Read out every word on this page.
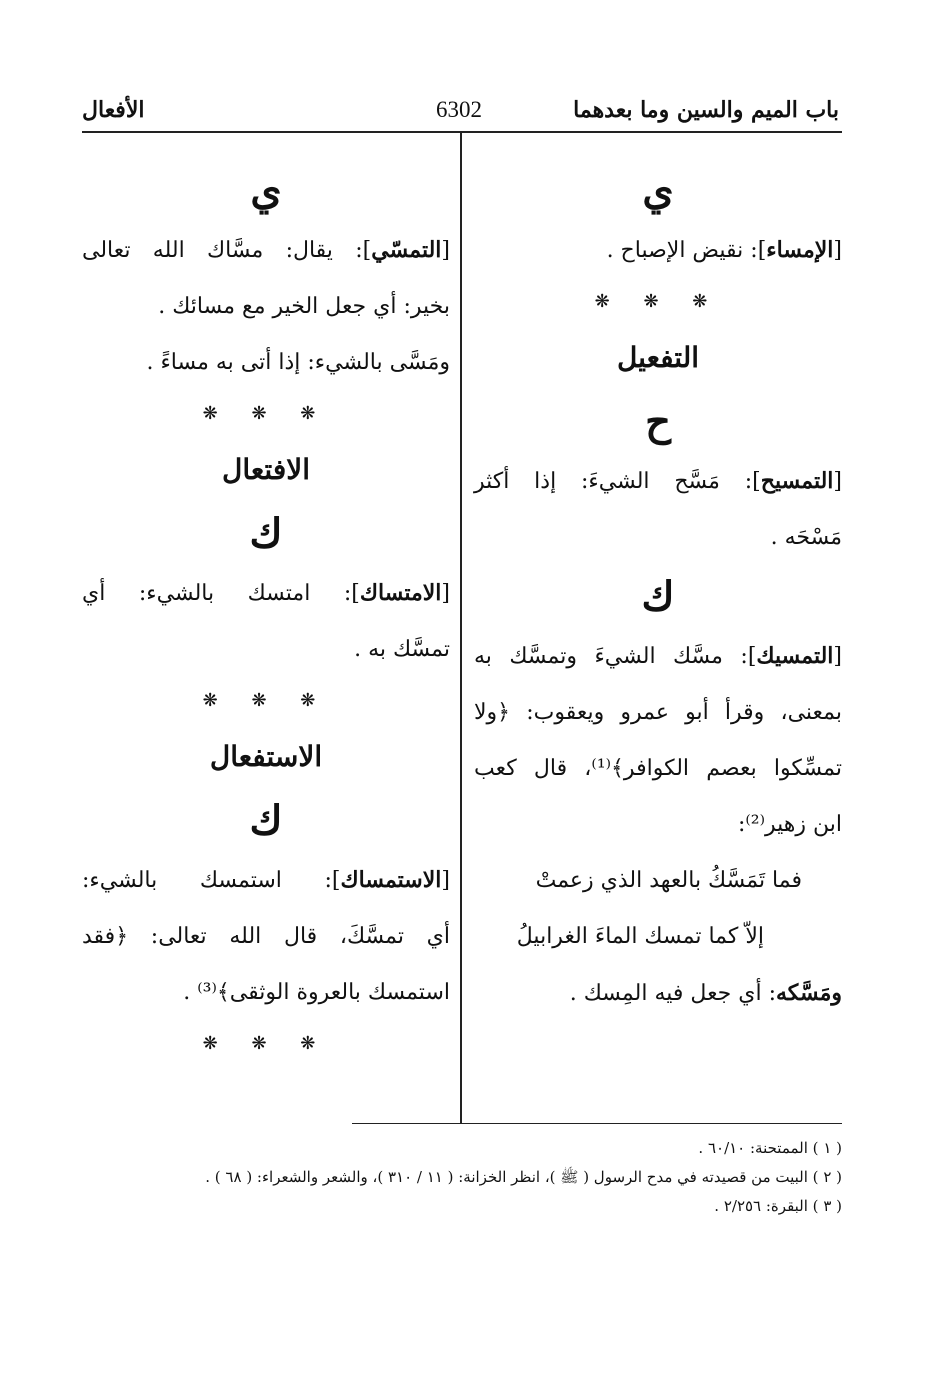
باب الميم والسين وما بعدهما
6302
الأفعال
ي
[الإمساء]: نقيض الإصباح .
❋ ❋ ❋
التفعيل
ح
[التمسيح]: مَسَّح الشيءَ: إذا أكثر
مَسْحَه .
ك
[التمسيك]: مسَّك الشيءَ وتمسَّك به
بمعنى، وقرأ أبو عمرو ويعقوب: ﴿ولا
تمسِّكوا بعصم الكوافر﴾⁽¹⁾، قال كعب
ابن زهير⁽²⁾:
فما تَمَسَّكُ بالعهد الذي زعمتْ
إلاّ كما تمسك الماءَ الغرابيلُ
ومَسَّكه: أي جعل فيه المِسك .
ي
[التمسّي]: يقال: مسَّاك الله تعالى
بخير: أي جعل الخير مع مسائك .
ومَسَّى بالشيء: إذا أتى به مساءً .
❋ ❋ ❋
الافتعال
ك
[الامتساك]: امتسك بالشيء: أي
تمسَّك به .
❋ ❋ ❋
الاستفعال
ك
[الاستمساك]: استمسك بالشيء:
أي تمسَّكَ، قال الله تعالى: ﴿فقد
استمسك بالعروة الوثقى﴾⁽³⁾ .
❋ ❋ ❋
( ١ ) الممتحنة: ٦٠/١٠ .
( ٢ ) البيت من قصيدته في مدح الرسول ( ﷺ )، انظر الخزانة: ( ١١ / ٣١٠ )، والشعر والشعراء: ( ٦٨ ) .
( ٣ ) البقرة: ٢/٢٥٦ .
